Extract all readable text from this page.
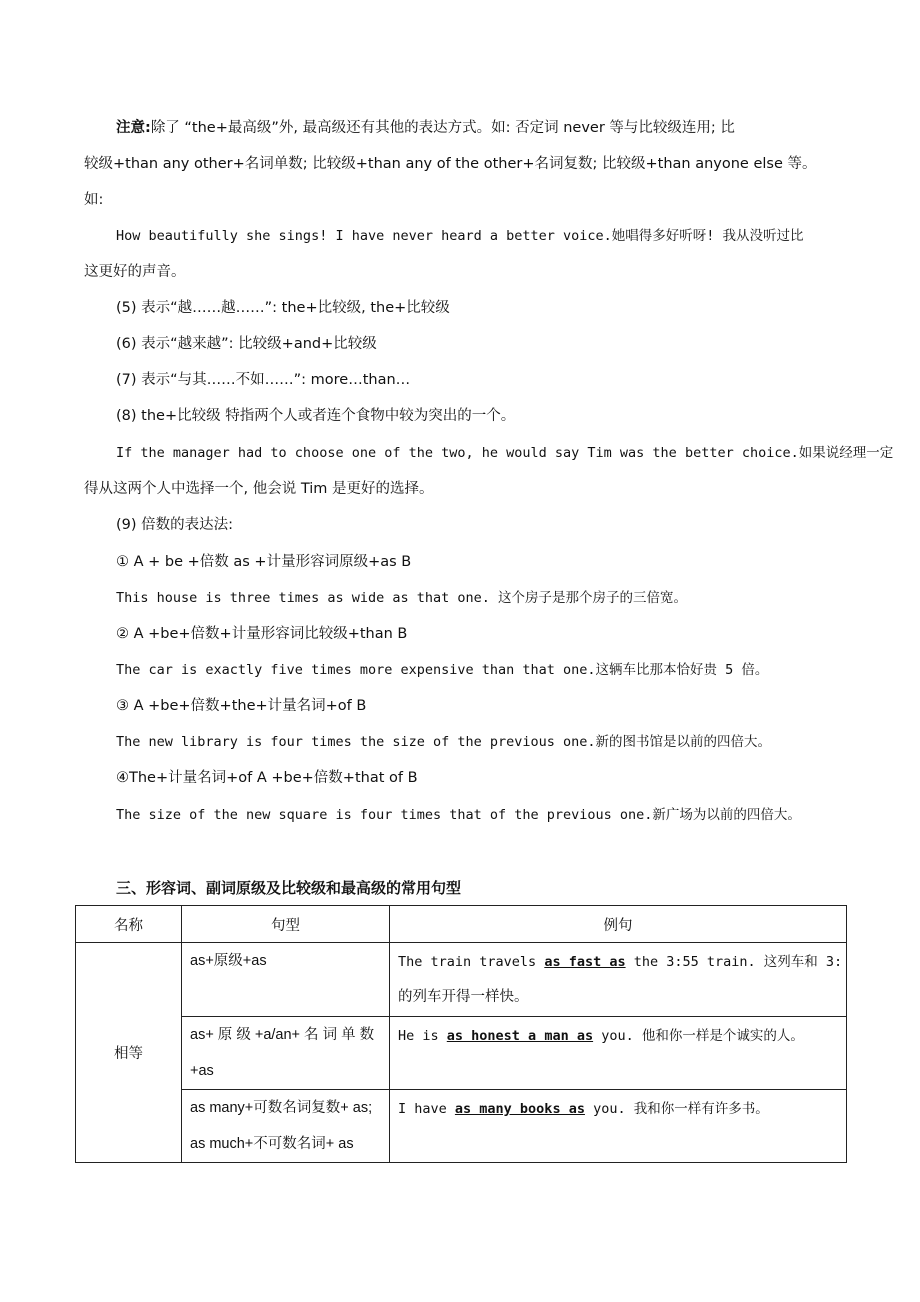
注意:除了 “the+最高级”外, 最高级还有其他的表达方式。如: 否定词 never 等与比较级连用; 比
较级+than any other+名词单数; 比较级+than any of the other+名词复数; 比较级+than anyone else 等。
如:
How beautifully she sings! I have never heard a better voice.她唱得多好听呀! 我从没听过比
这更好的声音。
(5) 表示“越……越……”: the+比较级, the+比较级
(6) 表示“越来越”: 比较级+and+比较级
(7) 表示“与其……不如……”: more…than…
(8) the+比较级 特指两个人或者连个食物中较为突出的一个。
If the manager had to choose one of the two, he would say Tim was the better choice.如果说经理一定
得从这两个人中选择一个, 他会说 Tim 是更好的选择。
(9) 倍数的表达法:
① A + be +倍数 as +计量形容词原级+as B
This house is three times as wide as that one. 这个房子是那个房子的三倍宽。
② A +be+倍数+计量形容词比较级+than B
The car is exactly five times more expensive than that one.这辆车比那本恰好贵 5 倍。
③ A +be+倍数+the+计量名词+of B
The new library is four times the size of the previous one.新的图书馆是以前的四倍大。
④The+计量名词+of A +be+倍数+that of B
The size of the new square is four times that of the previous one.新广场为以前的四倍大。
三、形容词、副词原级及比较级和最高级的常用句型
名称	句型	例句
相等	as+原级+as	The train travels as fast as the 3:55 train. 这列车和 3:
的列车开得一样快。

	as+ 原 级 +a/an+ 名 词 单 数
+as	He is as honest a man as you. 他和你一样是个诚实的人。

	as many+可数名词复数+ as;
as much+不可数名词+ as	I have as many books as you. 我和你一样有许多书。
